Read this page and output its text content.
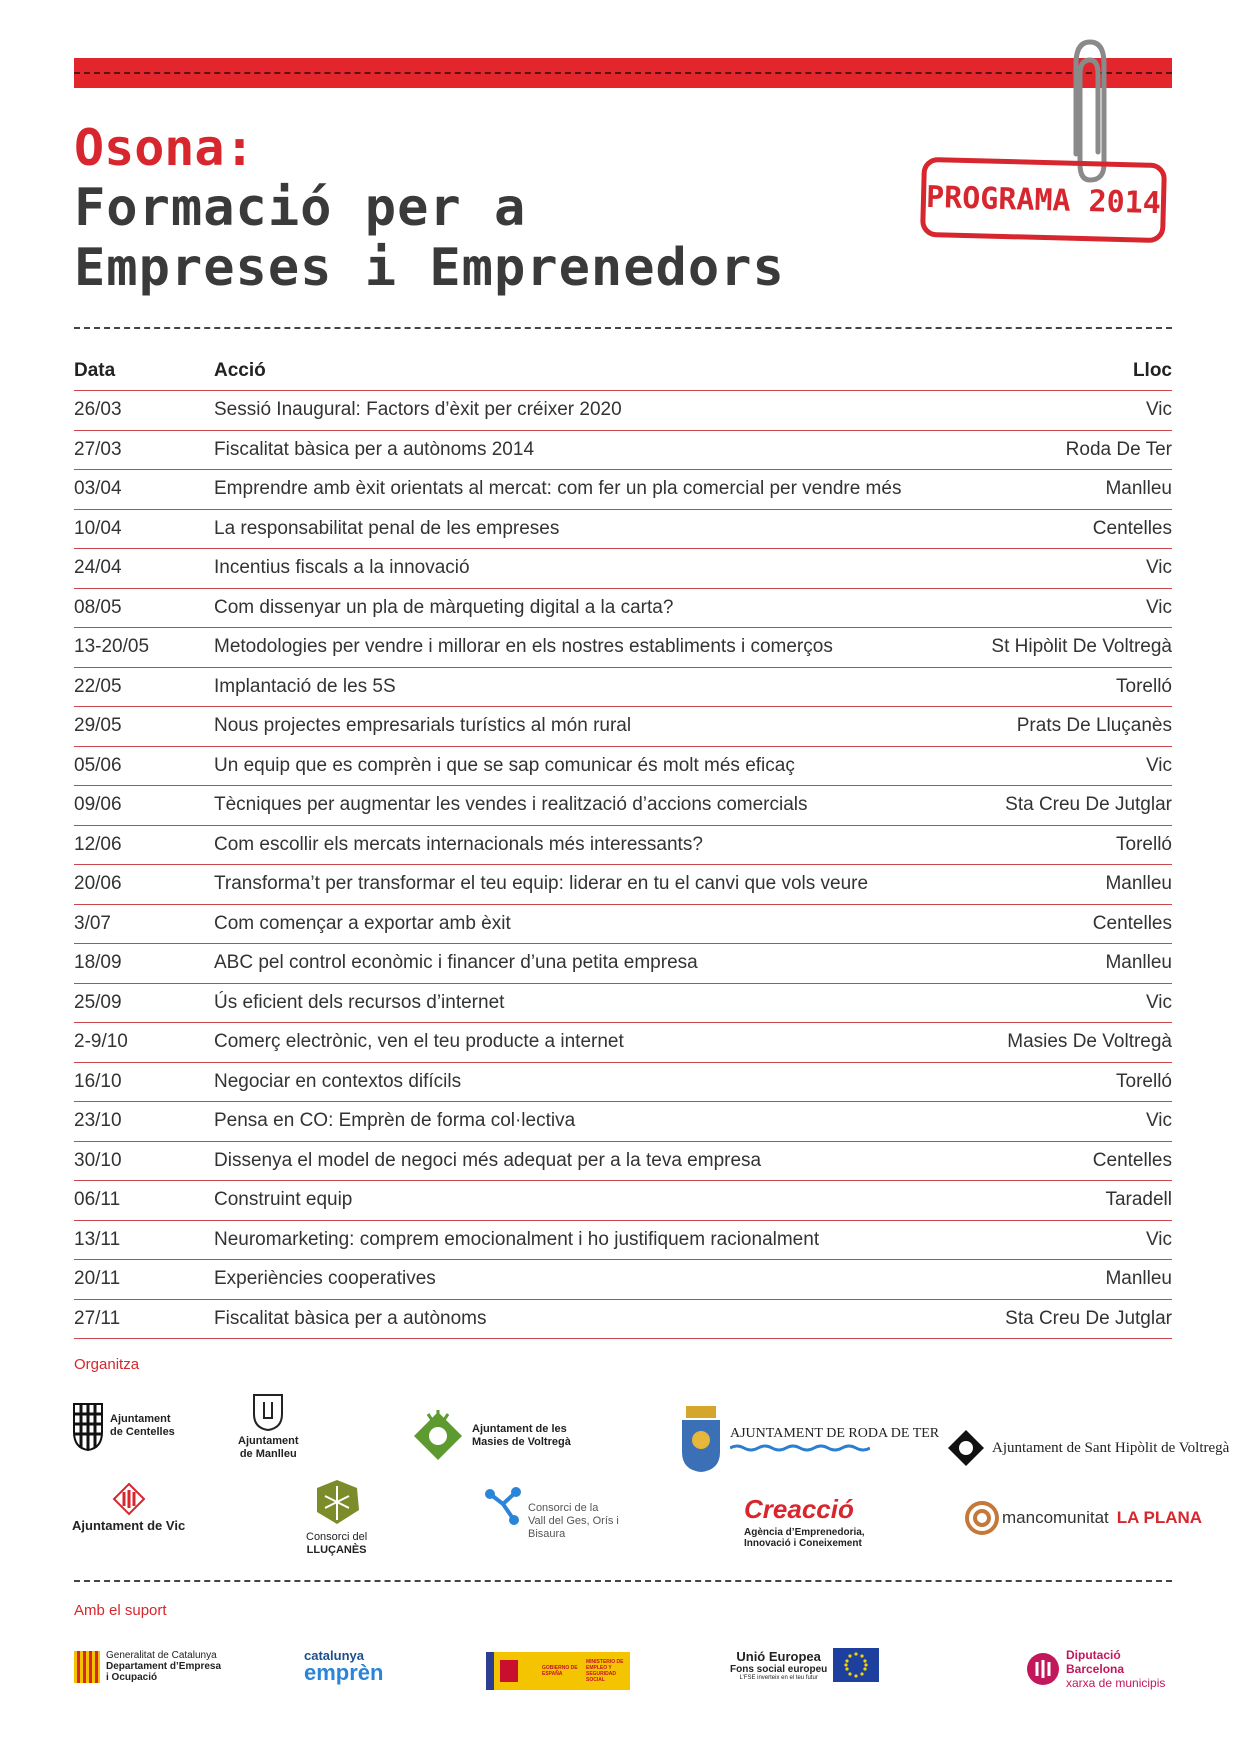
Osona:
Formació per a
Empreses i Emprenedors
PROGRAMA 2014
Data	Acció	Lloc
26/03	Sessió Inaugural: Factors d’èxit per créixer 2020	Vic
27/03	Fiscalitat bàsica per a autònoms 2014	Roda De Ter
03/04	Emprendre amb èxit orientats al mercat: com fer un pla comercial per vendre més	Manlleu
10/04	La responsabilitat penal de les empreses	Centelles
24/04	Incentius fiscals a la innovació	Vic
08/05	Com dissenyar un pla de màrqueting digital a la carta?	Vic
13-20/05	Metodologies per vendre i millorar en els nostres establiments i comerços	St Hipòlit De Voltregà
22/05	Implantació de les 5S	Torelló
29/05	Nous projectes empresarials turístics al món rural	Prats De Lluçanès
05/06	Un equip que es comprèn i que se sap comunicar és molt més eficaç	Vic
09/06	Tècniques per augmentar les vendes i realització d’accions comercials	Sta Creu De Jutglar
12/06	Com escollir els mercats internacionals més interessants?	Torelló
20/06	Transforma’t per transformar el teu equip: liderar en tu el canvi que vols veure	Manlleu
3/07	Com començar a exportar amb èxit	Centelles
18/09	ABC pel control econòmic i financer d’una petita empresa	Manlleu
25/09	Ús eficient dels recursos d’internet	Vic
2-9/10	Comerç electrònic, ven el teu producte a internet	Masies De Voltregà
16/10	Negociar en contextos difícils	Torelló
23/10	Pensa en CO: Emprèn de forma col·lectiva	Vic
30/10	Dissenya el model de negoci més adequat per a la teva empresa	Centelles
06/11	Construint equip	Taradell
13/11	Neuromarketing: comprem emocionalment i ho justifiquem racionalment	Vic
20/11	Experiències cooperatives	Manlleu
27/11	Fiscalitat bàsica per a autònoms	Sta Creu De Jutglar
Organitza
Ajuntament
de Centelles
Ajuntament
de Manlleu
Ajuntament de les
Masies de Voltregà
AJUNTAMENT DE RODA DE TER
Ajuntament de Sant Hipòlit de Voltregà
Ajuntament de Vic
Consorci del
LLUÇANÈS
Consorci de la
Vall del Ges, Orís i
Bisaura
Creacció
Agència d’Emprenedoria,
Innovació i Coneixement
mancomunitat LA PLANA
Amb el suport
Generalitat de Catalunya
Departament d’Empresa
i Ocupació
catalunya
emprèn	GOBIERNO DE ESPAÑA
MINISTERIO DE EMPLEO Y SEGURIDAD SOCIAL
Unió Europea
Fons social europeu
L’FSE inverteix en el teu futur
Diputació
Barcelona
xarxa de municipis
